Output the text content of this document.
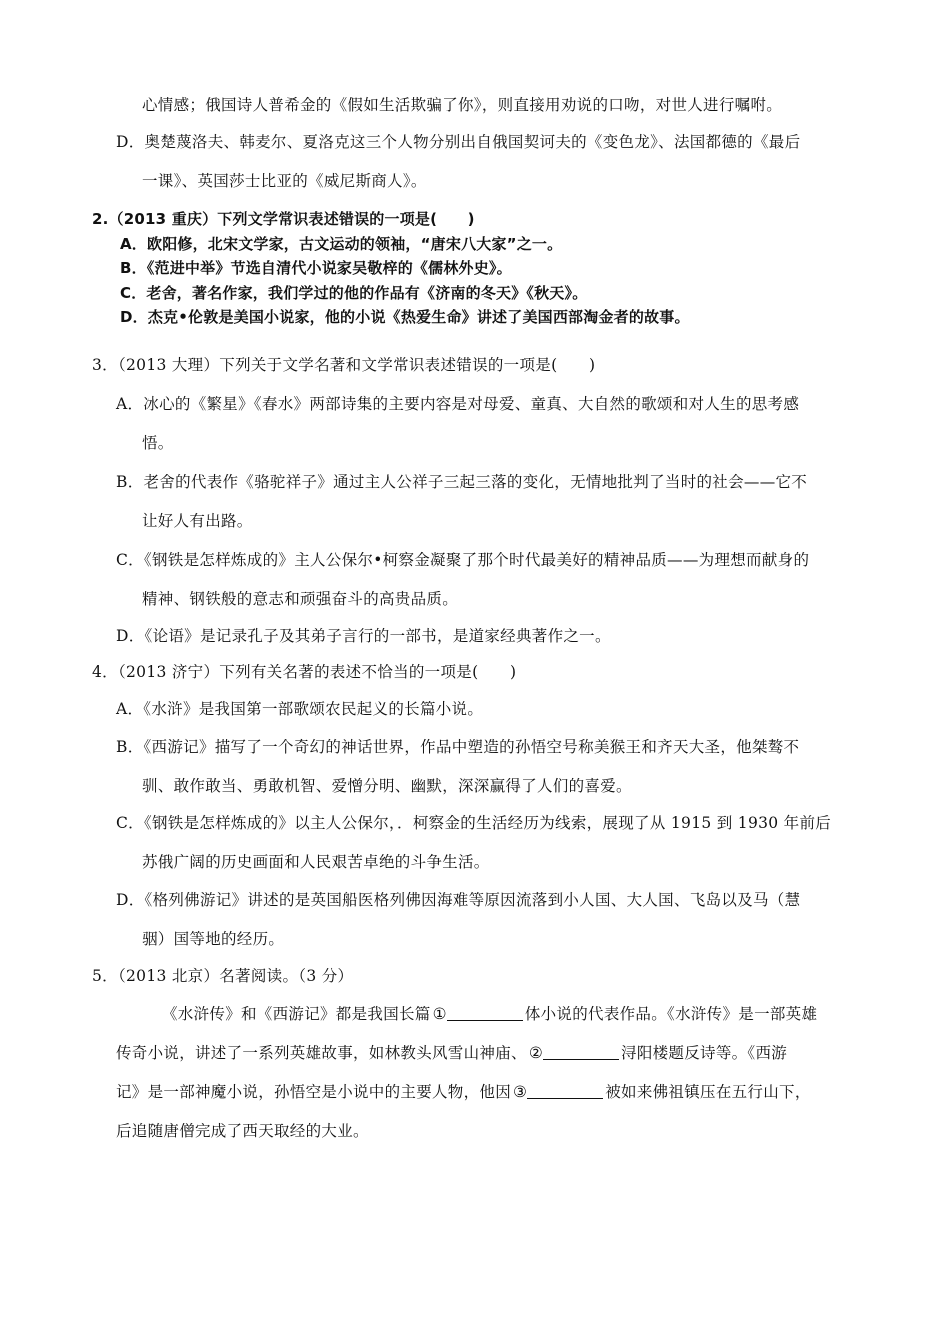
心情感；俄国诗人普希金的《假如生活欺骗了你》，则直接用劝说的口吻，对世人进行嘱咐。
D．奥楚蔑洛夫、韩麦尔、夏洛克这三个人物分别出自俄国契诃夫的《变色龙》、法国都德的《最后
一课》、英国莎士比亚的《威尼斯商人》。
2.（2013 重庆）下列文学常识表述错误的一项是(　　)
A．欧阳修，北宋文学家，古文运动的领袖，“唐宋八大家”之一。
B．《范进中举》节选自清代小说家吴敬梓的《儒林外史》。
C．老舍，著名作家，我们学过的他的作品有《济南的冬天》《秋天》。
D．杰克•伦敦是美国小说家，他的小说《热爱生命》讲述了美国西部淘金者的故事。
3．（2013 大理）下列关于文学名著和文学常识表述错误的一项是(　　)
A．冰心的《繁星》《春水》两部诗集的主要内容是对母爱、童真、大自然的歌颂和对人生的思考感
悟。
B．老舍的代表作《骆驼祥子》通过主人公祥子三起三落的变化，无情地批判了当时的社会——它不
让好人有出路。
C．《钢铁是怎样炼成的》主人公保尔•柯察金凝聚了那个时代最美好的精神品质——为理想而献身的
精神、钢铁般的意志和顽强奋斗的高贵品质。
D．《论语》是记录孔子及其弟子言行的一部书，是道家经典著作之一。
4．（2013 济宁）下列有关名著的表述不恰当的一项是(　　)
A．《水浒》是我国第一部歌颂农民起义的长篇小说。
B．《西游记》描写了一个奇幻的神话世界，作品中塑造的孙悟空号称美猴王和齐天大圣，他桀骜不
驯、敢作敢当、勇敢机智、爱憎分明、幽默，深深赢得了人们的喜爱。
C．《钢铁是怎样炼成的》以主人公保尔，．柯察金的生活经历为线索，展现了从 1915 到 1930 年前后
苏俄广阔的历史画面和人民艰苦卓绝的斗争生活。
D．《格列佛游记》讲述的是英国船医格列佛因海难等原因流落到小人国、大人国、飞岛以及马（慧
骃）国等地的经历。
5．（2013 北京）名著阅读。（3 分）
《水浒传》和《西游记》都是我国长篇 ①	体小说的代表作品。《水浒传》是一部英雄
传奇小说，讲述了一系列英雄故事，如林教头风雪山神庙、 ②	浔阳楼题反诗等。《西游
记》是一部神魔小说，孙悟空是小说中的主要人物，他因 ③	被如来佛祖镇压在五行山下，
后追随唐僧完成了西天取经的大业。
